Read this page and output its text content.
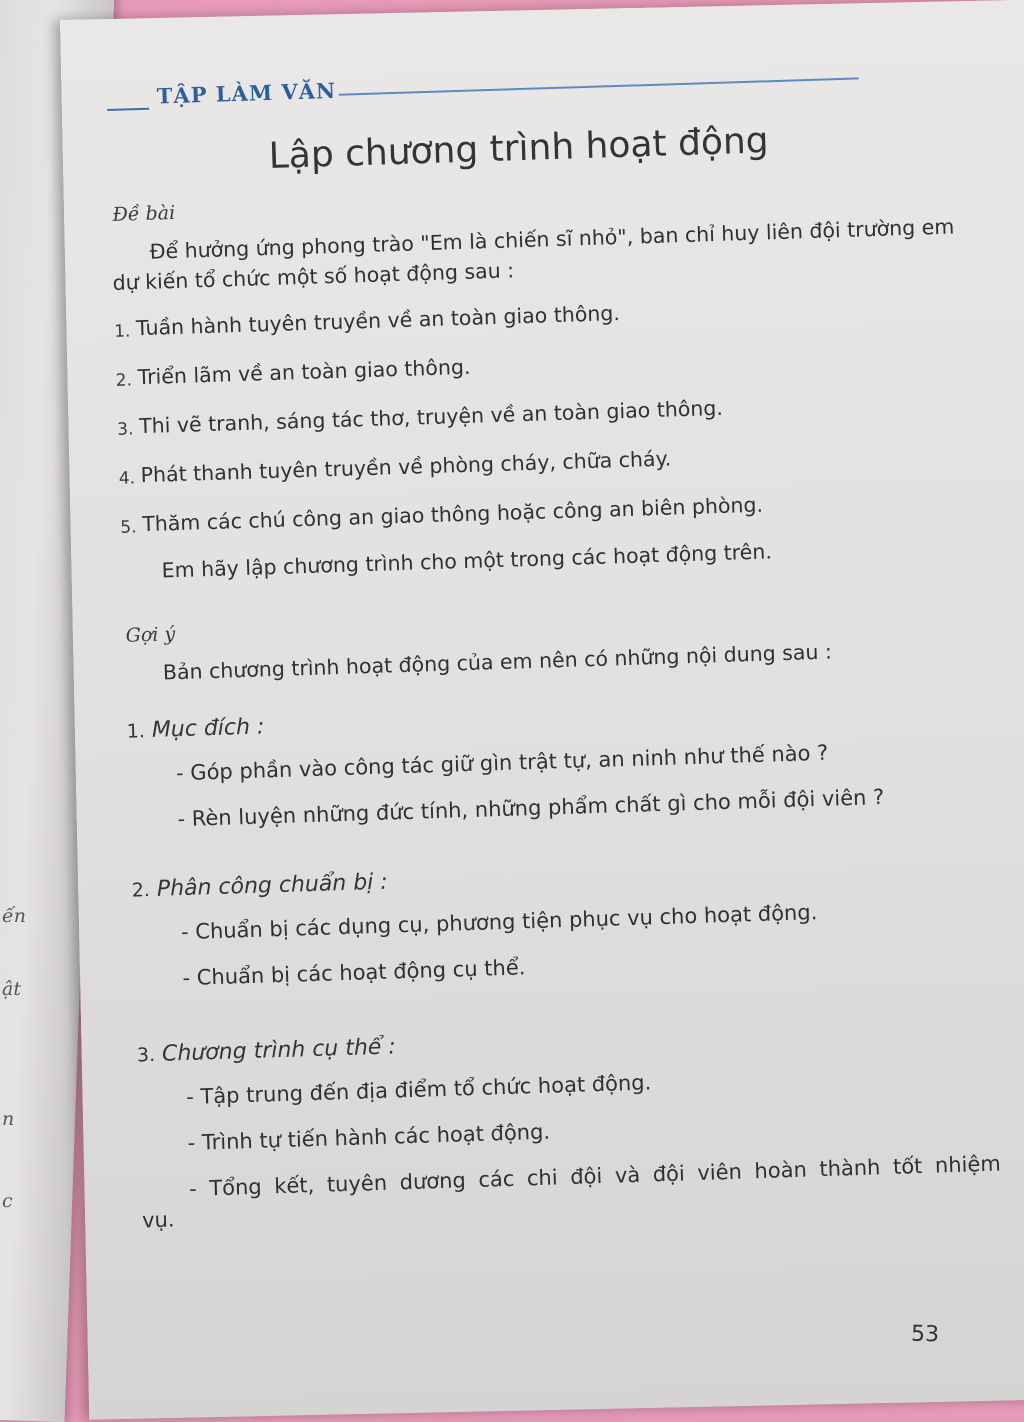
ến
ật
n
c
TẬP LÀM VĂN
Lập chương trình hoạt động
Đề bài

Để hưởng ứng phong trào "Em là chiến sĩ nhỏ", ban chỉ huy liên đội trường em dự kiến tổ chức một số hoạt động sau :

1. Tuần hành tuyên truyền về an toàn giao thông.
2. Triển lãm về an toàn giao thông.
3. Thi vẽ tranh, sáng tác thơ, truyện về an toàn giao thông.
4. Phát thanh tuyên truyền về phòng cháy, chữa cháy.
5. Thăm các chú công an giao thông hoặc công an biên phòng.

Em hãy lập chương trình cho một trong các hoạt động trên.

Gợi ý

Bản chương trình hoạt động của em nên có những nội dung sau :

1. Mục đích :

- Góp phần vào công tác giữ gìn trật tự, an ninh như thế nào ?

- Rèn luyện những đức tính, những phẩm chất gì cho mỗi đội viên ?

2. Phân công chuẩn bị :

- Chuẩn bị các dụng cụ, phương tiện phục vụ cho hoạt động.

- Chuẩn bị các hoạt động cụ thể.

3. Chương trình cụ thể :

- Tập trung đến địa điểm tổ chức hoạt động.

- Trình tự tiến hành các hoạt động.

- Tổng kết, tuyên dương các chi đội và đội viên hoàn thành tốt nhiệm vụ.

53
